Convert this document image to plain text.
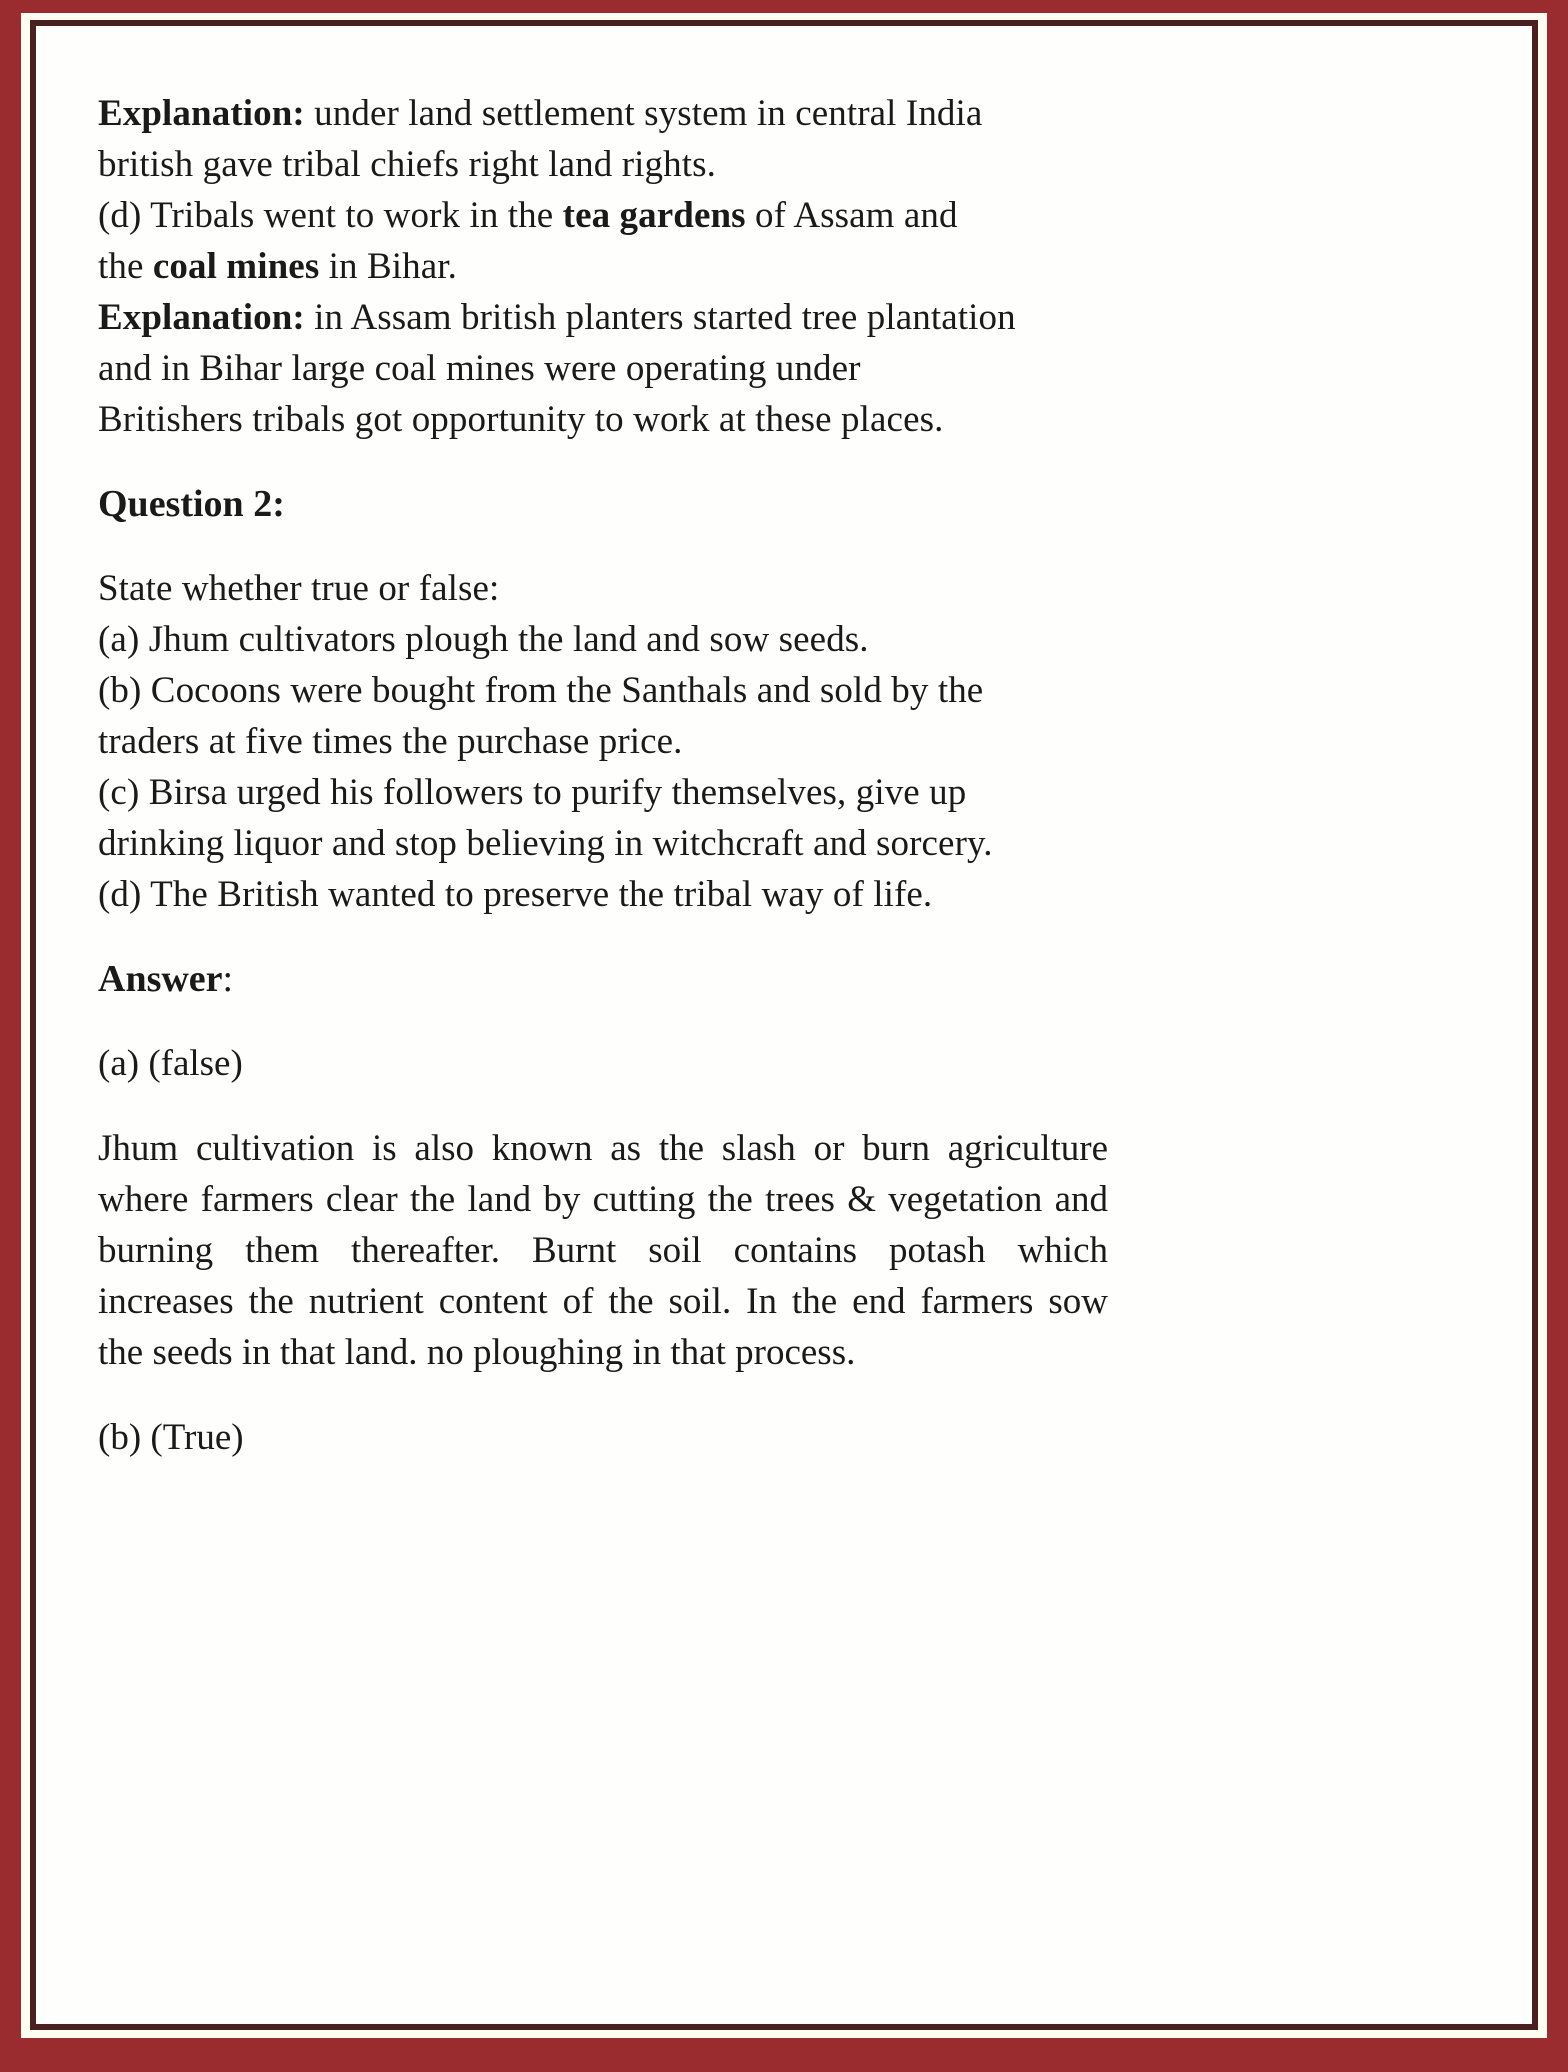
Explanation: under land settlement system in central India
british gave tribal chiefs right land rights.

(d) Tribals went to work in the tea gardens of Assam and
the coal mines in Bihar.

Explanation: in Assam british planters started tree plantation
and in Bihar large coal mines were operating under
Britishers tribals got opportunity to work at these places.

Question 2:

State whether true or false:
(a) Jhum cultivators plough the land and sow seeds.
(b) Cocoons were bought from the Santhals and sold by the
traders at five times the purchase price.
(c) Birsa urged his followers to purify themselves, give up
drinking liquor and stop believing in witchcraft and sorcery.
(d) The British wanted to preserve the tribal way of life.

Answer:

(a) (false)

Jhum cultivation is also known as the slash or burn agriculture
where farmers clear the land by cutting the trees & vegetation and
burning them thereafter. Burnt soil contains potash which
increases the nutrient content of the soil. In the end farmers sow
the seeds in that land. no ploughing in that process.

(b) (True)
